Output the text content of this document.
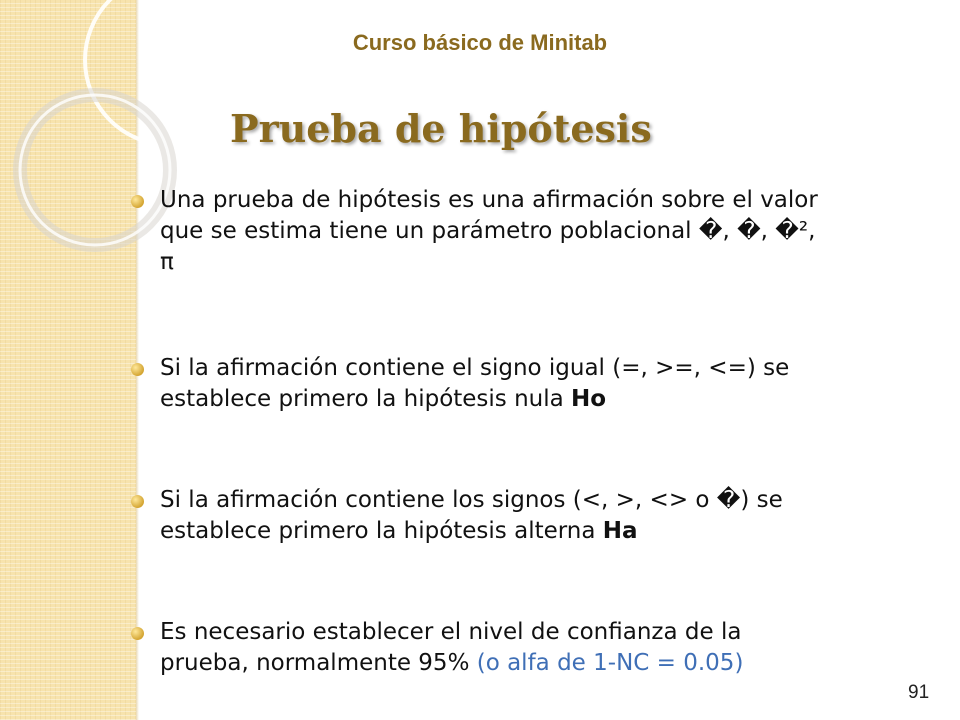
Curso básico de Minitab
Prueba de hipótesis
Una prueba de hipótesis es una afirmación sobre el valor
que se estima tiene un parámetro poblacional �, �, �²,
π
Si la afirmación contiene el signo igual (=, >=, <=) se
establece primero la hipótesis nula Ho
Si la afirmación contiene los signos (<, >, <> o �) se
establece primero la hipótesis alterna Ha
Es necesario establecer el nivel de confianza de la
prueba, normalmente 95% (o alfa de 1-NC = 0.05)
91
